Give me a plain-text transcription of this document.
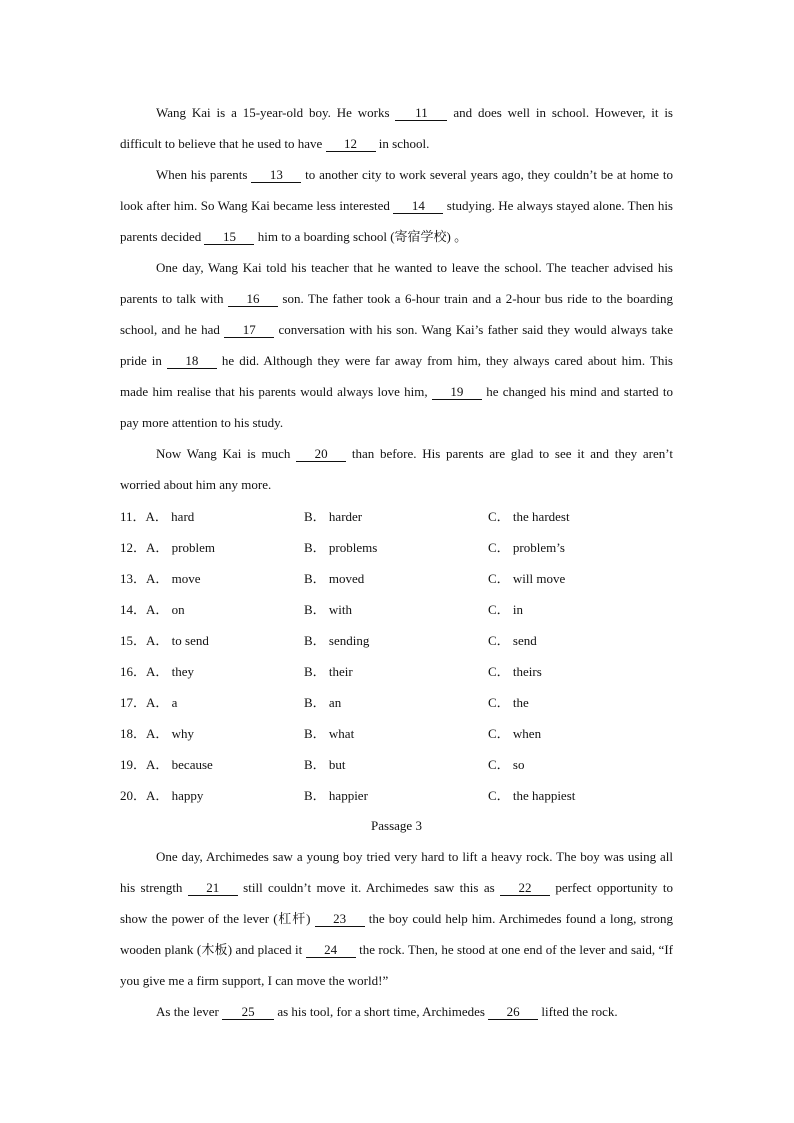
Wang Kai is a 15-year-old boy. He works 11 and does well in school. However, it is difficult to believe that he used to have 12 in school.

When his parents 13 to another city to work several years ago, they couldn’t be at home to look after him. So Wang Kai became less interested 14 studying. He always stayed alone. Then his parents decided 15 him to a boarding school (寄宿学校) 。

One day, Wang Kai told his teacher that he wanted to leave the school. The teacher advised his parents to talk with 16 son. The father took a 6-hour train and a 2-hour bus ride to the boarding school, and he had 17 conversation with his son. Wang Kai’s father said they would always take pride in 18 he did. Although they were far away from him, they always cared about him. This made him realise that his parents would always love him, 19 he changed his mind and started to pay more attention to his study.

Now Wang Kai is much 20 than before. His parents are glad to see it and they aren’t worried about him any more.

11．A． hard	B． harder	C． the hardest
12．A． problem	B． problems	C． problem’s
13．A． move	B． moved	C． will move
14．A． on	B． with	C． in
15．A． to send	B． sending	C． send
16．A． they	B． their	C． theirs
17．A． a	B． an	C． the
18．A． why	B． what	C． when
19．A． because	B． but	C． so
20．A． happy	B． happier	C． the happiest

Passage 3

One day, Archimedes saw a young boy tried very hard to lift a heavy rock. The boy was using all his strength 21 still couldn’t move it. Archimedes saw this as 22 perfect opportunity to show the power of the lever (杠杆) 23 the boy could help him. Archimedes found a long, strong wooden plank (木板) and placed it 24 the rock. Then, he stood at one end of the lever and said, “If you give me a firm support, I can move the world!”

As the lever 25 as his tool, for a short time, Archimedes 26 lifted the rock.
